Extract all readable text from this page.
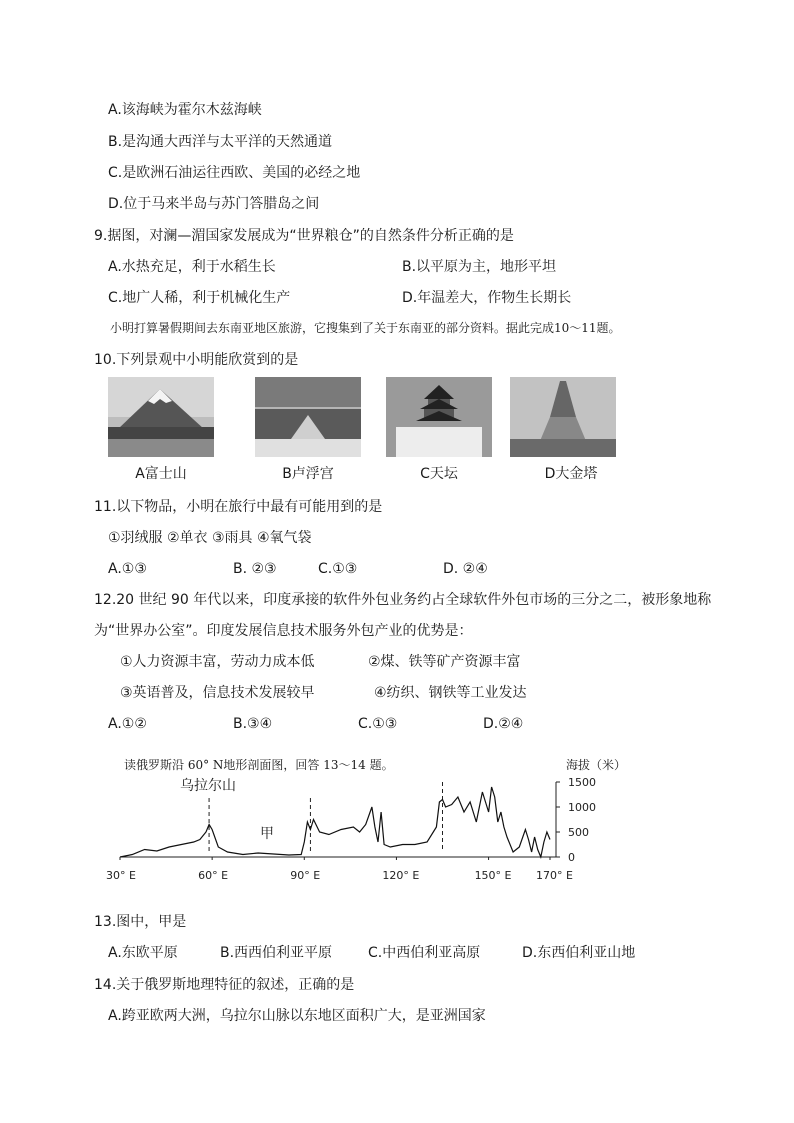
A.该海峡为霍尔木兹海峡
B.是沟通大西洋与太平洋的天然通道
C.是欧洲石油运往西欧、美国的必经之地
D.位于马来半岛与苏门答腊岛之间
9.据图，对澜—湄国家发展成为“世界粮仓”的自然条件分析正确的是
A.水热充足，利于水稻生长	B.以平原为主，地形平坦
C.地广人稀，利于机械化生产	D.年温差大，作物生长期长
小明打算暑假期间去东南亚地区旅游，它搜集到了关于东南亚的部分资料。据此完成10～11题。
10.下列景观中小明能欣赏到的是
A富士山	B卢浮宫	C天坛	D大金塔
11.以下物品，小明在旅行中最有可能用到的是
①羽绒服 ②单衣 ③雨具 ④氧气袋
A.①③	B. ②③	C.①③	D. ②④
12.20 世纪 90 年代以来，印度承接的软件外包业务约占全球软件外包市场的三分之二，被形象地称
为“世界办公室”。印度发展信息技术服务外包产业的优势是：
①人力资源丰富，劳动力成本低	②煤、铁等矿产资源丰富
③英语普及，信息技术发展较早	④纺织、钢铁等工业发达
A.①②	B.③④	C.①③	D.②④
读俄罗斯沿 60° N地形剖面图，回答 13～14 题。	海拔（米）
1500
1000
500
0
30° E	60° E	90° E	120° E	150° E 170° E
乌拉尔山
甲
13.图中，甲是
A.东欧平原	B.西西伯利亚平原	C.中西伯利亚高原	D.东西伯利亚山地
14.关于俄罗斯地理特征的叙述，正确的是
A.跨亚欧两大洲，乌拉尔山脉以东地区面积广大，是亚洲国家
